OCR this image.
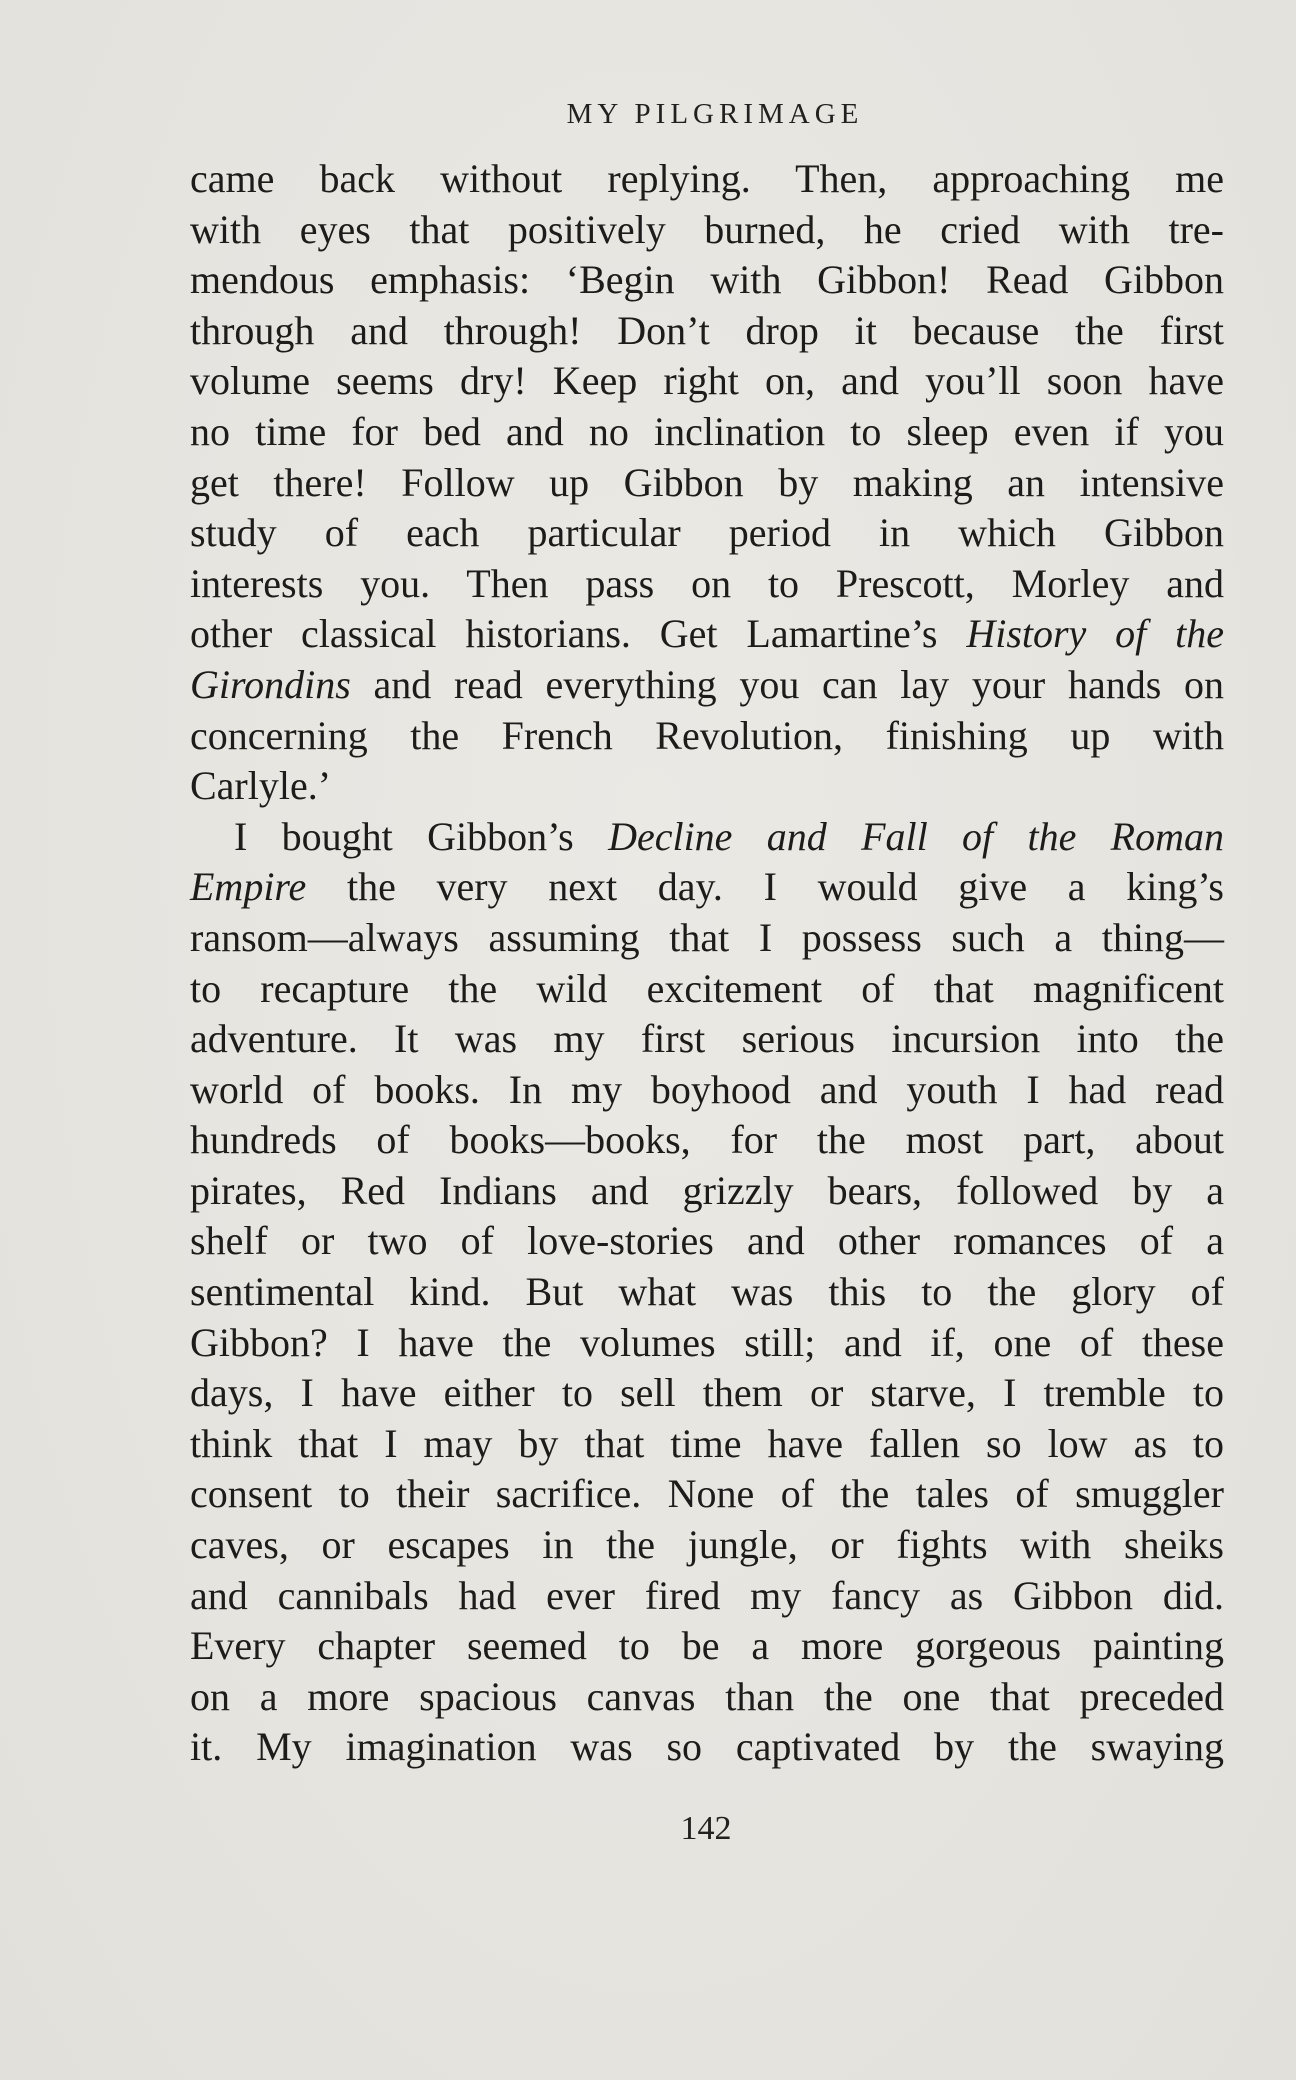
MY PILGRIMAGE
came back without replying. Then, approaching me
with eyes that positively burned, he cried with tre-
mendous emphasis: ‘Begin with Gibbon! Read Gibbon
through and through! Don’t drop it because the first
volume seems dry! Keep right on, and you’ll soon have
no time for bed and no inclination to sleep even if you
get there! Follow up Gibbon by making an intensive
study of each particular period in which Gibbon
interests you. Then pass on to Prescott, Morley and
other classical historians. Get Lamartine’s History of the
Girondins and read everything you can lay your hands on
concerning the French Revolution, finishing up with
Carlyle.’
I bought Gibbon’s Decline and Fall of the Roman
Empire the very next day. I would give a king’s
ransom—always assuming that I possess such a thing—
to recapture the wild excitement of that magnificent
adventure. It was my first serious incursion into the
world of books. In my boyhood and youth I had read
hundreds of books—books, for the most part, about
pirates, Red Indians and grizzly bears, followed by a
shelf or two of love-stories and other romances of a
sentimental kind. But what was this to the glory of
Gibbon? I have the volumes still; and if, one of these
days, I have either to sell them or starve, I tremble to
think that I may by that time have fallen so low as to
consent to their sacrifice. None of the tales of smuggler
caves, or escapes in the jungle, or fights with sheiks
and cannibals had ever fired my fancy as Gibbon did.
Every chapter seemed to be a more gorgeous painting
on a more spacious canvas than the one that preceded
it. My imagination was so captivated by the swaying
142
